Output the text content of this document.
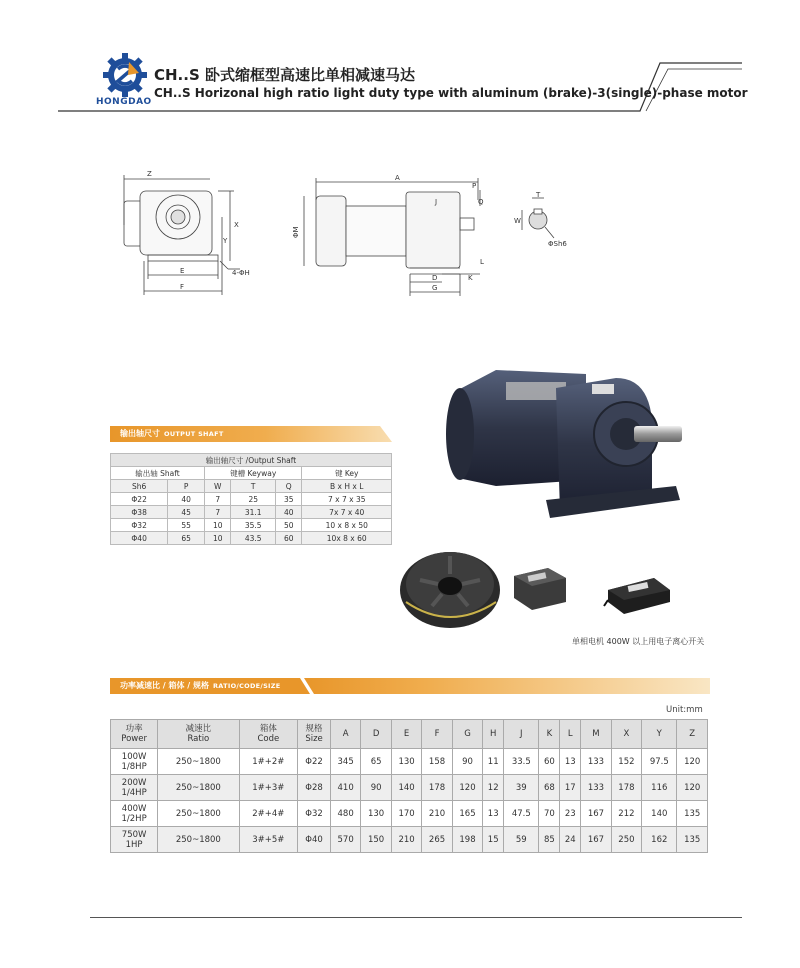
HONGDAO
CH..S 卧式缩框型高速比单相减速马达
CH..S Horizonal high ratio light duty type with aluminum (brake)-3(single)-phase motor
Z
X
Y
E
F
4-ΦH
A
ΦM
J	Q
P
L
D
G
K
T
W
ΦSh6
单相电机 400W 以上用电子离心开关
输出轴尺寸 OUTPUT SHAFT
输出轴尺寸 /Output Shaft					
输出轴 Shaft		键槽 Keyway			键 Key
Sh6	P	W	T	Q	B x H x L
Φ22	40	7	25	35	7 x 7 x 35
Φ38	45	7	31.1	40	7x 7 x 40
Φ32	55	10	35.5	50	10 x 8 x 50
Φ40	65	10	43.5	60	10x 8 x 60
功率减速比 / 箱体 / 规格 RATIO/CODE/SIZE
Unit:mm
功率
Power	减速比
Ratio	箱体
Code	规格
Size	A	D	E	F	G	H	J	K	L	M	X	Y	Z
100W
1/8HP	250~1800	1#+2#	Φ22	345	65	130	158	90	11	33.5	60	13	133	152	97.5	120
200W
1/4HP	250~1800	1#+3#	Φ28	410	90	140	178	120	12	39	68	17	133	178	116	120
400W
1/2HP	250~1800	2#+4#	Φ32	480	130	170	210	165	13	47.5	70	23	167	212	140	135
750W
1HP	250~1800	3#+5#	Φ40	570	150	210	265	198	15	59	85	24	167	250	162	135
